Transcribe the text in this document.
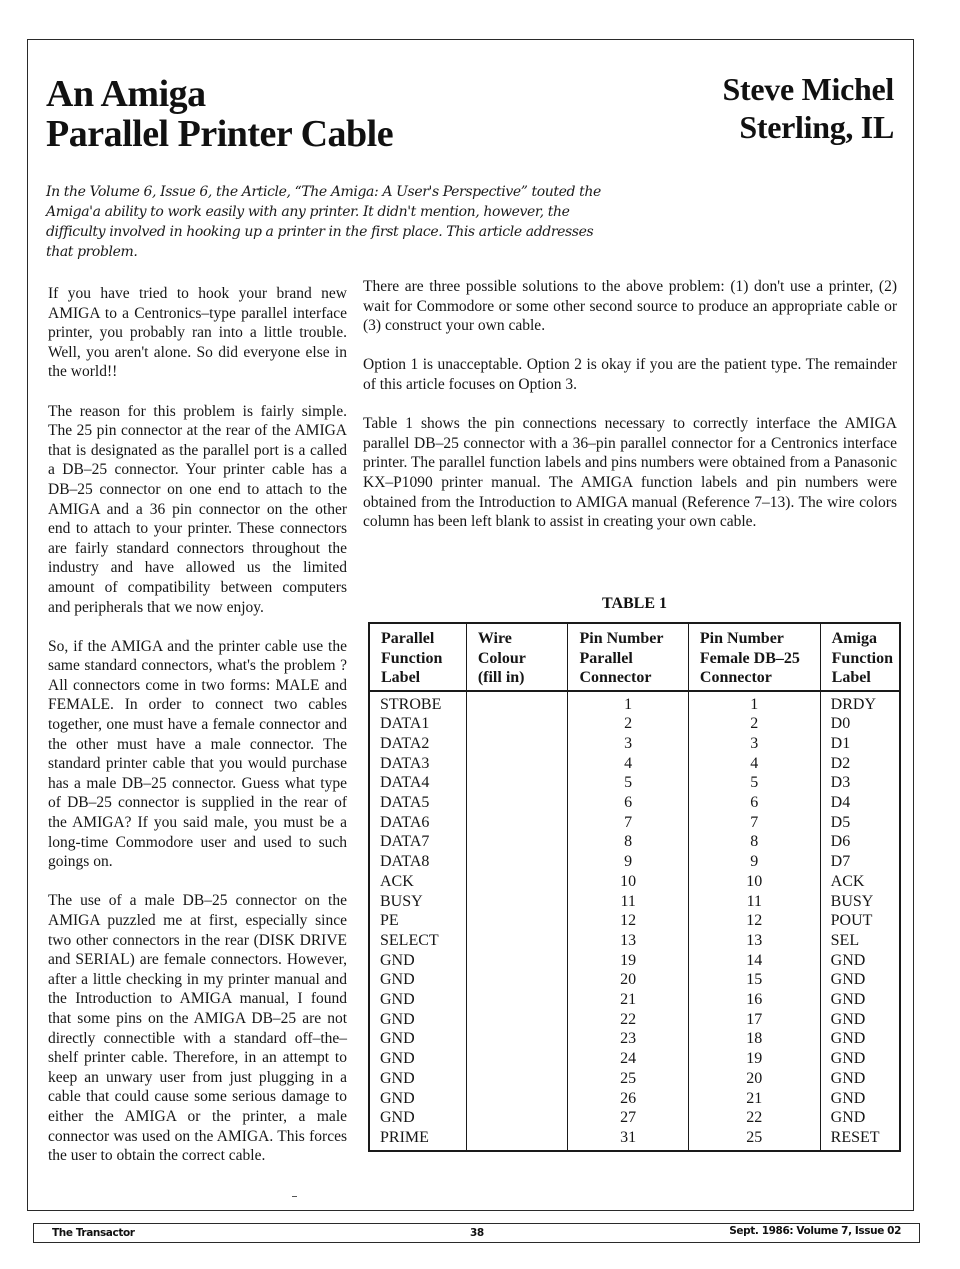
An Amiga
Parallel Printer Cable
Steve Michel
Sterling, IL
In the Volume 6, Issue 6, the Article, “The Amiga: A User's Perspective” touted the Amiga'a ability to work easily with any printer. It didn't mention, however, the difficulty involved in hooking up a printer in the first place. This article addresses that problem.

If you have tried to hook your brand new AMIGA to a Centronics–type parallel interface printer, you probably ran into a little trouble. Well, you aren't alone. So did everyone else in the world!!

The reason for this problem is fairly simple. The 25 pin connector at the rear of the AMIGA that is designated as the parallel port is a called a DB–25 connector. Your printer cable has a DB–25 connector on one end to attach to the AMIGA and a 36 pin connector on the other end to attach to your printer. These connectors are fairly standard connectors throughout the industry and have allowed us the limited amount of compatibility between computers and peripherals that we now enjoy.

So, if the AMIGA and the printer cable use the same standard connectors, what's the problem ? All connectors come in two forms: MALE and FEMALE. In order to connect two cables together, one must have a female connector and the other must have a male connector. The standard printer cable that you would purchase has a male DB–25 connector. Guess what type of DB–25 connector is supplied in the rear of the AMIGA? If you said male, you must be a long-time Commodore user and used to such goings on.

The use of a male DB–25 connector on the AMIGA puzzled me at first, especially since two other connectors in the rear (DISK DRIVE and SERIAL) are female connectors. However, after a little checking in my printer manual and the Introduction to AMIGA manual, I found that some pins on the AMIGA DB–25 are not directly connectible with a standard off–the–shelf printer cable. Therefore, in an attempt to keep an unwary user from just plugging in a cable that could cause some serious damage to either the AMIGA or the printer, a male connector was used on the AMIGA. This forces the user to obtain the correct cable.

There are three possible solutions to the above problem: (1) don't use a printer, (2) wait for Commodore or some other second source to produce an appropriate cable or (3) construct your own cable.

Option 1 is unacceptable. Option 2 is okay if you are the patient type. The remainder of this article focuses on Option 3.

Table 1 shows the pin connections necessary to correctly interface the AMIGA parallel DB–25 connector with a 36–pin parallel connector for a Centronics interface printer. The parallel function labels and pins numbers were obtained from a Panasonic KX–P1090 printer manual. The AMIGA function labels and pin numbers were obtained from the Introduction to AMIGA manual (Reference 7–13). The wire colors column has been left blank to assist in creating your own cable.

TABLE 1
Parallel
Function
Label	Wire
Colour
(fill in)	Pin Number
Parallel
Connector	Pin Number
Female DB–25
Connector	Amiga
Function
Label
STROBE		1	1	DRDY
DATA1		2	2	D0
DATA2		3	3	D1
DATA3		4	4	D2
DATA4		5	5	D3
DATA5		6	6	D4
DATA6		7	7	D5
DATA7		8	8	D6
DATA8		9	9	D7
ACK		10	10	ACK
BUSY		11	11	BUSY
PE		12	12	POUT
SELECT		13	13	SEL
GND		19	14	GND
GND		20	15	GND
GND		21	16	GND
GND		22	17	GND
GND		23	18	GND
GND		24	19	GND
GND		25	20	GND
GND		26	21	GND
GND		27	22	GND
PRIME		31	25	RESET
The Transactor	38	Sept. 1986: Volume 7, Issue 02
